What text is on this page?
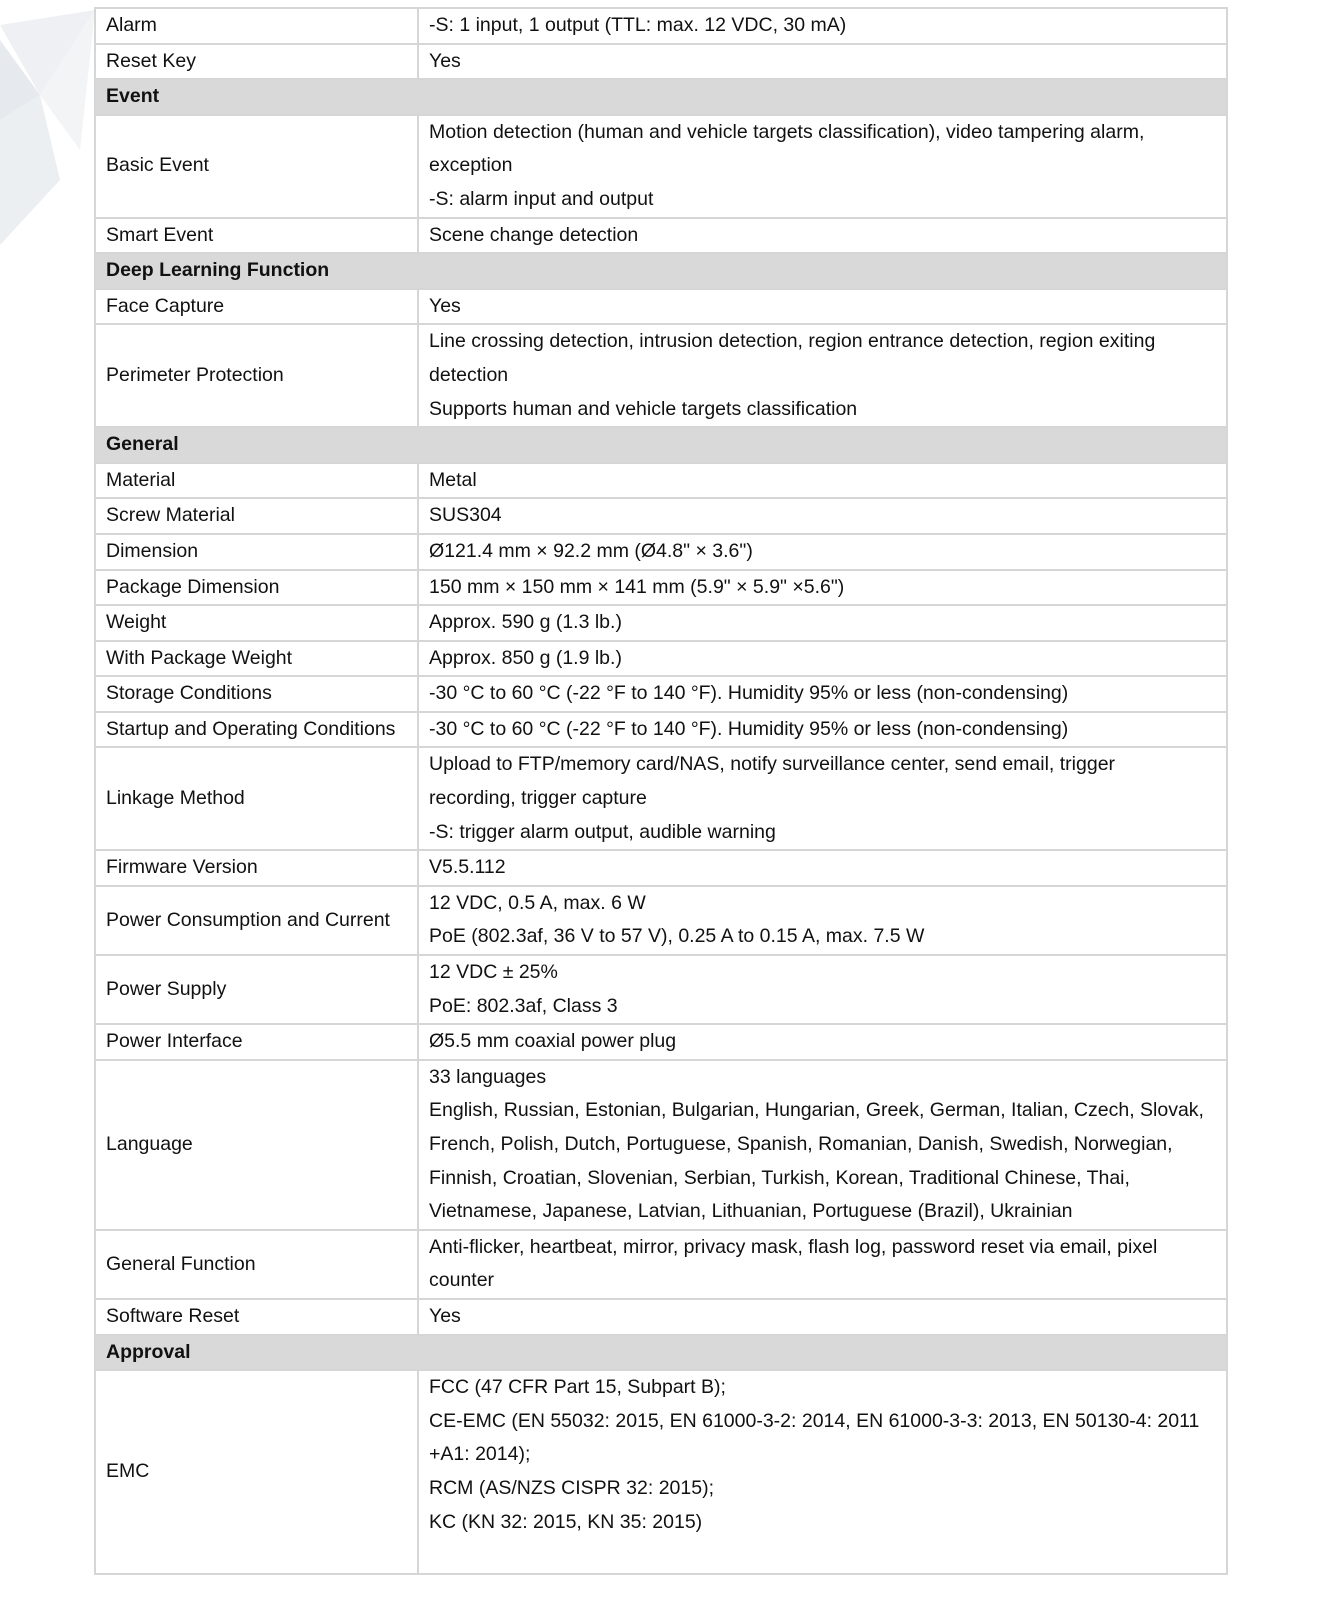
Alarm	-S: 1 input, 1 output (TTL: max. 12 VDC, 30 mA)

Reset Key	Yes

Event	
Basic Event	Motion detection (human and vehicle targets classification), video tampering alarm,
exception
-S: alarm input and output

Smart Event	Scene change detection

Deep Learning Function	
Face Capture	Yes

Perimeter Protection	Line crossing detection, intrusion detection, region entrance detection, region exiting
detection
Supports human and vehicle targets classification

General	
Material	Metal

Screw Material	SUS304

Dimension	Ø121.4 mm × 92.2 mm (Ø4.8" × 3.6")

Package Dimension	150 mm × 150 mm × 141 mm (5.9" × 5.9" ×5.6")

Weight	Approx. 590 g (1.3 lb.)

With Package Weight	Approx. 850 g (1.9 lb.)

Storage Conditions	-30 °C to 60 °C (-22 °F to 140 °F). Humidity 95% or less (non-condensing)

Startup and Operating Conditions	-30 °C to 60 °C (-22 °F to 140 °F). Humidity 95% or less (non-condensing)

Linkage Method	Upload to FTP/memory card/NAS, notify surveillance center, send email, trigger
recording, trigger capture
-S: trigger alarm output, audible warning

Firmware Version	V5.5.112

Power Consumption and Current	12 VDC, 0.5 A, max. 6 W
PoE (802.3af, 36 V to 57 V), 0.25 A to 0.15 A, max. 7.5 W

Power Supply	12 VDC ± 25%
PoE: 802.3af, Class 3

Power Interface	Ø5.5 mm coaxial power plug

Language	33 languages
English, Russian, Estonian, Bulgarian, Hungarian, Greek, German, Italian, Czech, Slovak,
French, Polish, Dutch, Portuguese, Spanish, Romanian, Danish, Swedish, Norwegian,
Finnish, Croatian, Slovenian, Serbian, Turkish, Korean, Traditional Chinese, Thai,
Vietnamese, Japanese, Latvian, Lithuanian, Portuguese (Brazil), Ukrainian

General Function	Anti-flicker, heartbeat, mirror, privacy mask, flash log, password reset via email, pixel
counter

Software Reset	Yes

Approval	
EMC	FCC (47 CFR Part 15, Subpart B);
CE-EMC (EN 55032: 2015, EN 61000-3-2: 2014, EN 61000-3-3: 2013, EN 50130-4: 2011
+A1: 2014);
RCM (AS/NZS CISPR 32: 2015);
KC (KN 32: 2015, KN 35: 2015)
